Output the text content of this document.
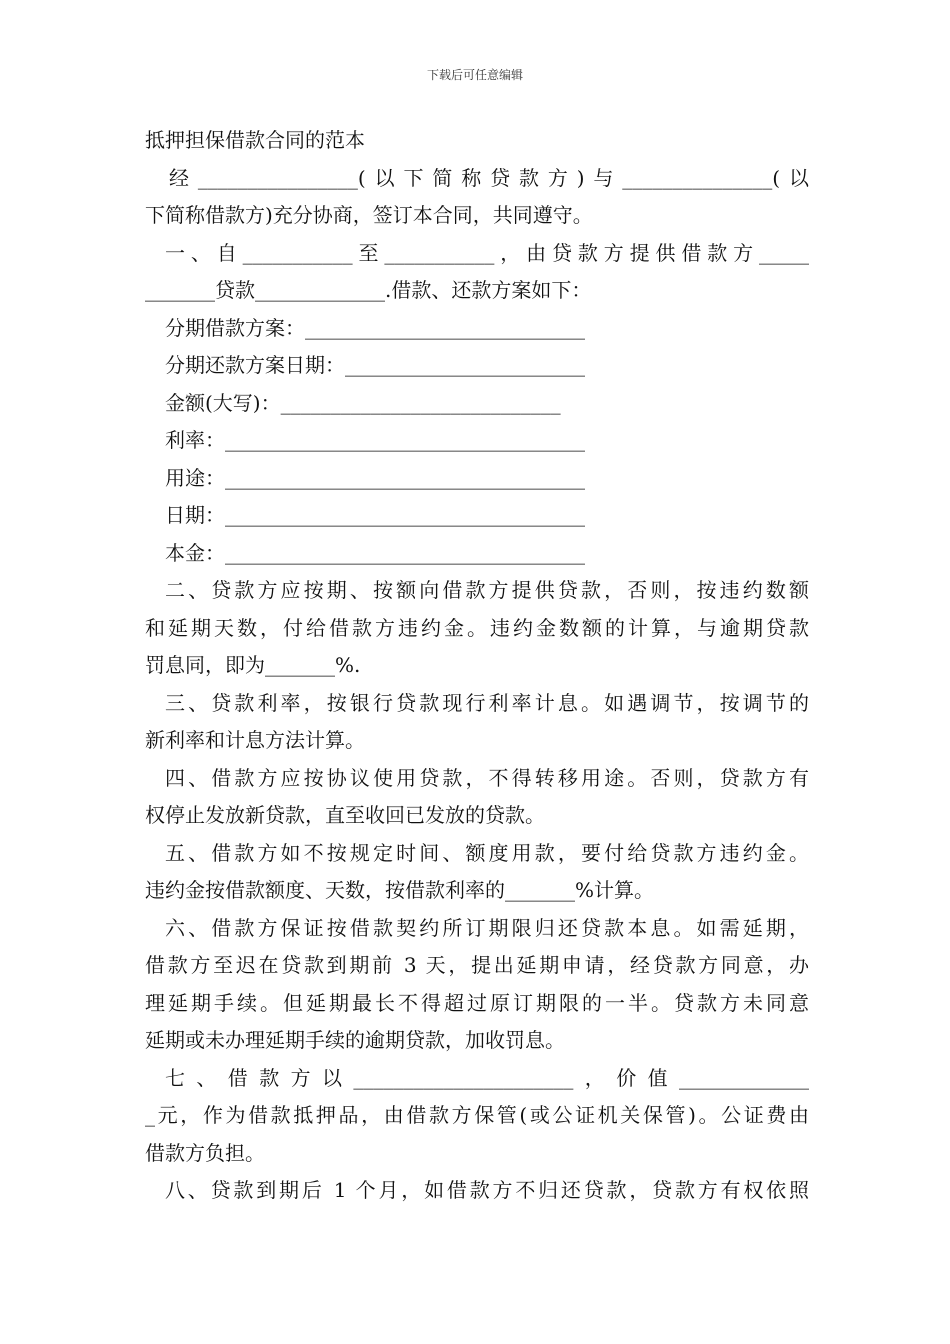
下载后可任意编辑
抵押担保借款合同的范本
经________________(以下简称贷款方)与_______________(以
下简称借款方)充分协商，签订本合同，共同遵守。
一、自___________至___________，由贷款方提供借款方_____
_______贷款_____________.借款、还款方案如下：
分期借款方案：____________________________
分期还款方案日期：________________________
金额(大写)：____________________________
利率：____________________________________
用途：____________________________________
日期：____________________________________
本金：____________________________________
二、贷款方应按期、按额向借款方提供贷款，否则，按违约数额
和延期天数，付给借款方违约金。违约金数额的计算，与逾期贷款
罚息同，即为_______%.
三、贷款利率，按银行贷款现行利率计息。如遇调节，按调节的
新利率和计息方法计算。
四、借款方应按协议使用贷款，不得转移用途。否则，贷款方有
权停止发放新贷款，直至收回已发放的贷款。
五、借款方如不按规定时间、额度用款，要付给贷款方违约金。
违约金按借款额度、天数，按借款利率的_______%计算。
六、借款方保证按借款契约所订期限归还贷款本息。如需延期，
借款方至迟在贷款到期前 3 天，提出延期申请，经贷款方同意，办
理延期手续。但延期最长不得超过原订期限的一半。贷款方未同意
延期或未办理延期手续的逾期贷款，加收罚息。
七、借款方以______________________，价值_____________
_元，作为借款抵押品，由借款方保管(或公证机关保管)。公证费由
借款方负担。
八、贷款到期后 1 个月，如借款方不归还贷款，贷款方有权依照
